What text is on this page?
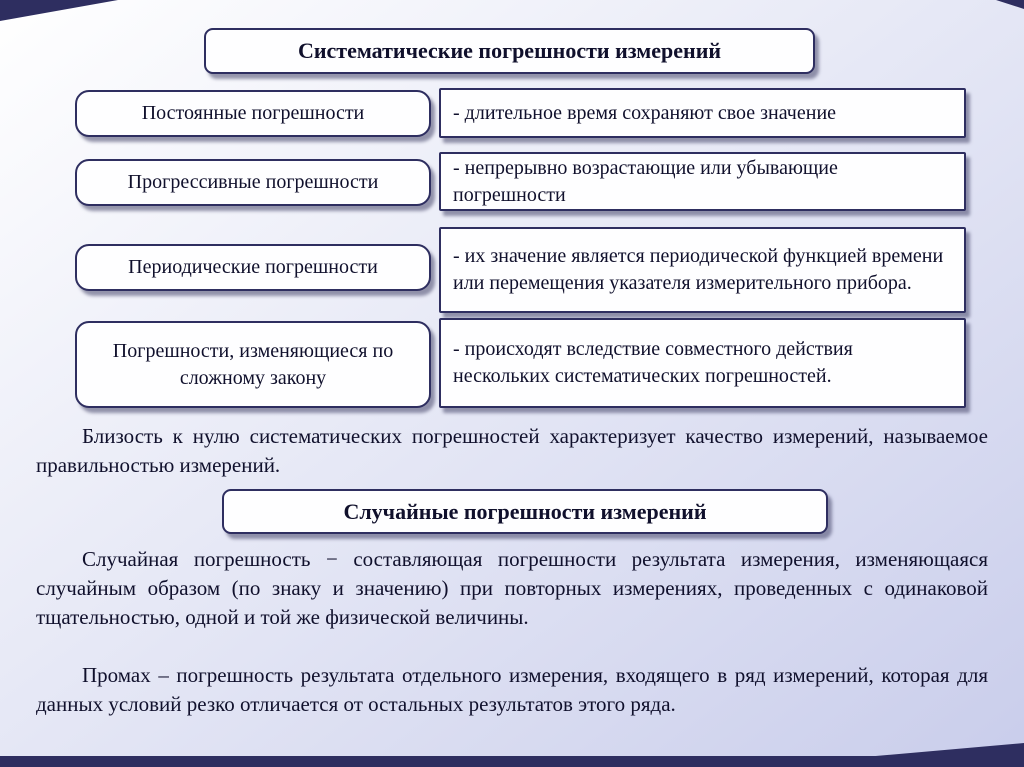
Систематические погрешности измерений
Постоянные погрешности	- длительное время сохраняют свое значение
Прогрессивные погрешности
- непрерывно возрастающие или убывающие погрешности
Периодические погрешности	- их значение является периодической функцией времени или перемещения указателя измерительного прибора.
Погрешности, изменяющиеся по сложному закону
- происходят вследствие совместного действия нескольких систематических погрешностей.
Близость к нулю систематических погрешностей характеризует качество измерений, называемое правильностью измерений.
Случайные погрешности измерений
Случайная погрешность − составляющая погрешности результата измерения, изменяющаяся случайным образом (по знаку и значению) при повторных измерениях, проведенных с одинаковой тщательностью, одной и той же физической величины.
Промах – погрешность результата отдельного измерения, входящего в ряд измерений, которая для данных условий резко отличается от остальных результатов этого ряда.
